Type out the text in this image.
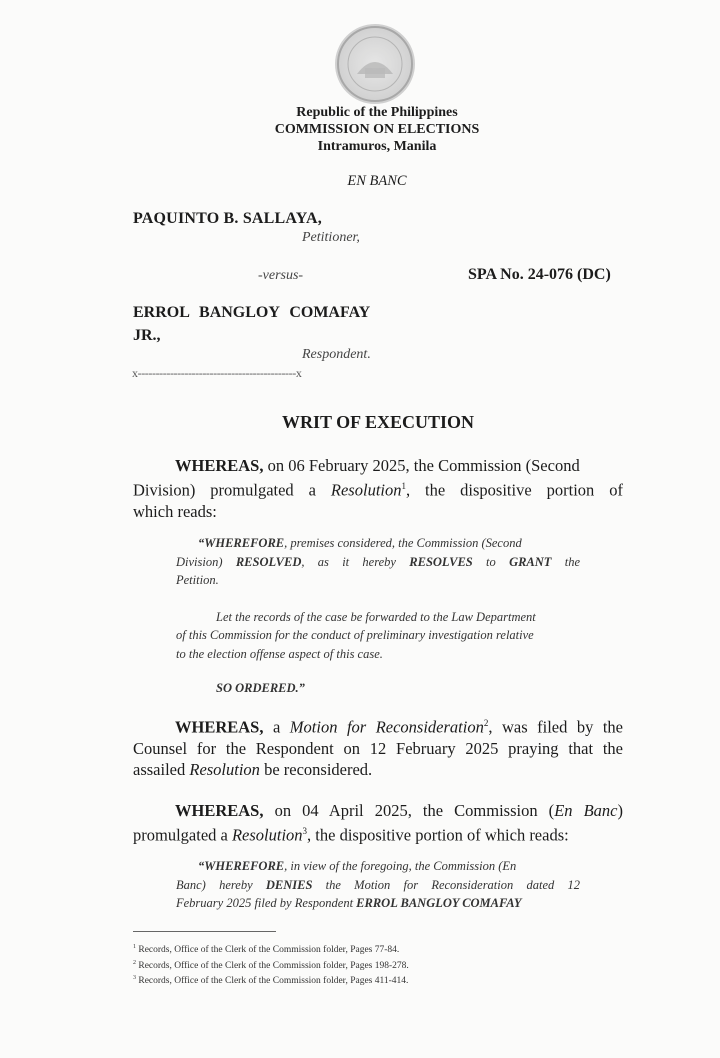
Republic of the Philippines
COMMISSION ON ELECTIONS
Intramuros, Manila
EN BANC
PAQUINTO B. SALLAYA,
Petitioner,
-versus-	SPA No. 24-076 (DC)
ERROL BANGLOY COMAFAY
JR.,
Respondent.
x--------------------------------------------x
WRIT OF EXECUTION
WHEREAS, on 06 February 2025, the Commission (Second
Division) promulgated a Resolution$^1$, the dispositive portion of
which reads:
“WHEREFORE, premises considered, the Commission (Second
Division) RESOLVED, as it hereby RESOLVES to GRANT the
Petition.
Let the records of the case be forwarded to the Law Department
of this Commission for the conduct of preliminary investigation relative
to the election offense aspect of this case.
SO ORDERED.”
WHEREAS, a Motion for Reconsideration$^2$, was filed by the
Counsel for the Respondent on 12 February 2025 praying that the
assailed Resolution be reconsidered.
WHEREAS, on 04 April 2025, the Commission (En Banc)
promulgated a Resolution$^3$, the dispositive portion of which reads:
“WHEREFORE, in view of the foregoing, the Commission (En
Banc) hereby DENIES the Motion for Reconsideration dated 12
February 2025 filed by Respondent ERROL BANGLOY COMAFAY
$^1$ Records, Office of the Clerk of the Commission folder, Pages 77-84.
$^2$ Records, Office of the Clerk of the Commission folder, Pages 198-278.
$^3$ Records, Office of the Clerk of the Commission folder, Pages 411-414.
